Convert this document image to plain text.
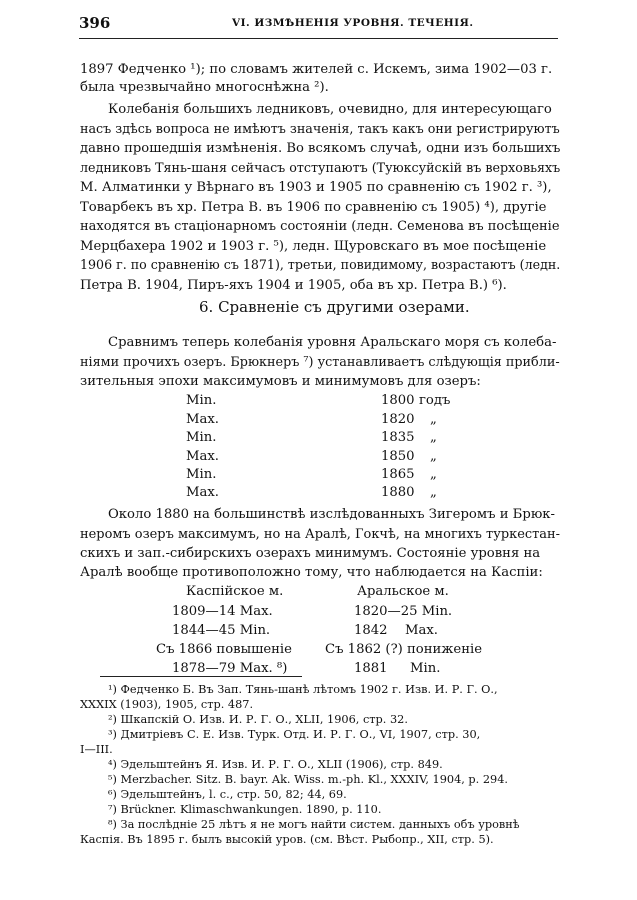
396	VI. ИЗМѢНЕНІЯ УРОВНЯ. ТЕЧЕНІЯ.
1897 Федченко ¹); по словамъ жителей с. Искемъ, зима 1902—03 г.
была чрезвычайно многоснѣжна ²).
Колебанія большихъ ледниковъ, очевидно, для интересующаго
насъ здѣсь вопроса не имѣютъ значенія, такъ какъ они регистрируютъ
давно прошедшія измѣненія. Во всякомъ случаѣ, одни изъ большихъ
ледниковъ Тянь-шаня сейчасъ отступаютъ (Туюксуйскій въ верховьяхъ
М. Алматинки у Вѣрнаго въ 1903 и 1905 по сравненію съ 1902 г. ³),
Товарбекъ въ хр. Петра В. въ 1906 по сравненію съ 1905) ⁴), другіе
находятся въ стаціонарномъ состояніи (ледн. Семенова въ посѣщеніе
Мерцбахера 1902 и 1903 г. ⁵), ледн. Щуровскаго въ мое посѣщеніе
1906 г. по сравненію съ 1871), третьи, повидимому, возрастаютъ (ледн.
Петра В. 1904, Пиръ-яхъ 1904 и 1905, оба въ хр. Петра В.) ⁶).
6. Сравненіе съ другими озерами.
Сравнимъ теперь колебанія уровня Аральскаго моря съ колеба-
ніями прочихъ озеръ. Брюкнеръ ⁷) устанавливаетъ слѣдующія прибли-
зительныя эпохи максимумовъ и минимумовъ для озеръ:
Min.	1800 годъ
Max.	1820 „
Min.	1835 „
Max.	1850 „
Min.	1865 „
Max.	1880 „
Около 1880 на большинствѣ изслѣдованныхъ Зигеромъ и Брюк-
неромъ озеръ максимумъ, но на Аралѣ, Гокчѣ, на многихъ туркестан-
скихъ и зап.-сибирскихъ озерахъ минимумъ. Состояніе уровня на
Аралѣ вообще противоположно тому, что наблюдается на Каспіи:
Каспійское м.	Аральское м.
1809—14 Max.	1820—25 Min.
1844—45 Min.	1842 Max.
Съ 1866 повышеніе	Съ 1862 (?) пониженіе
1878—79 Max. ⁸)	1881 Min.
¹) Федченко Б. Въ Зап. Тянь-шанѣ лѣтомъ 1902 г. Изв. И. Р. Г. О.,
XXXIX (1903), 1905, стр. 487.
²) Шкапскій О. Изв. И. Р. Г. О., XLII, 1906, стр. 32.
³) Дмитріевъ С. Е. Изв. Турк. Отд. И. Р. Г. О., VI, 1907, стр. 30,
I—III.
⁴) Эдельштейнъ Я. Изв. И. Р. Г. О., XLII (1906), стр. 849.
⁵) Merzbacher. Sitz. B. bayr. Ak. Wiss. m.-ph. Kl., XXXIV, 1904, p. 294.
⁶) Эдельштейнъ, l. c., стр. 50, 82; 44, 69.
⁷) Brückner. Klimaschwankungen. 1890, p. 110.
⁸) За послѣдніе 25 лѣтъ я не могъ найти систем. данныхъ объ уровнѣ
Каспія. Въ 1895 г. былъ высокій уров. (см. Вѣст. Рыбопр., XII, стр. 5).
